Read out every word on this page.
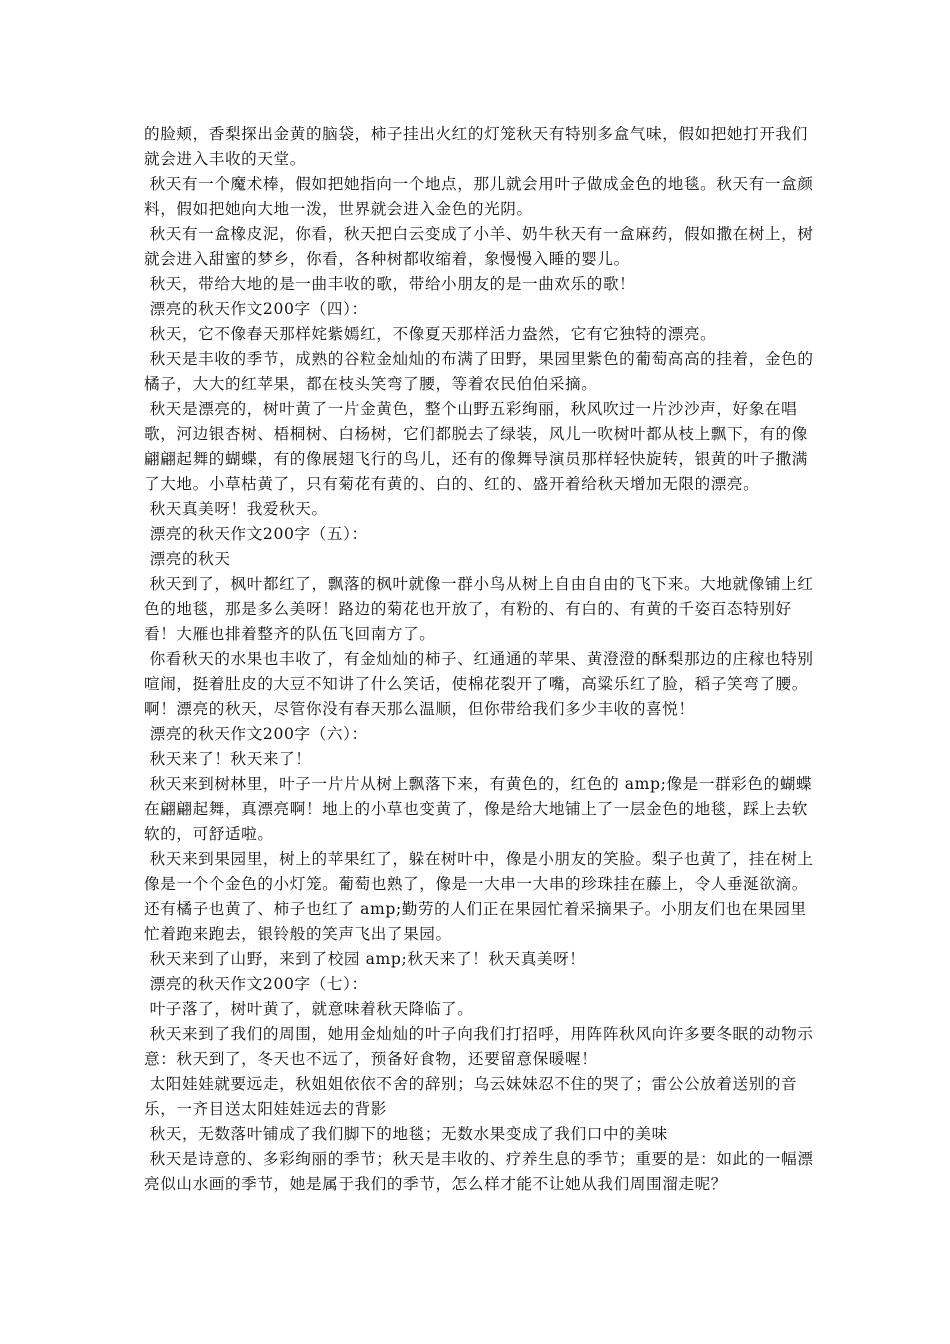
的脸颊，香梨探出金黄的脑袋，柿子挂出火红的灯笼秋天有特别多盒气味，假如把她打开我们就会进入丰收的天堂。

秋天有一个魔术棒，假如把她指向一个地点，那儿就会用叶子做成金色的地毯。秋天有一盒颜料，假如把她向大地一泼，世界就会进入金色的光阴。

秋天有一盒橡皮泥，你看，秋天把白云变成了小羊、奶牛秋天有一盒麻药，假如撒在树上，树就会进入甜蜜的梦乡，你看，各种树都收缩着，象慢慢入睡的婴儿。

秋天，带给大地的是一曲丰收的歌，带给小朋友的是一曲欢乐的歌！

漂亮的秋天作文200字（四）：

秋天，它不像春天那样姹紫嫣红，不像夏天那样活力盎然，它有它独特的漂亮。

秋天是丰收的季节，成熟的谷粒金灿灿的布满了田野，果园里紫色的葡萄高高的挂着，金色的橘子，大大的红苹果，都在枝头笑弯了腰，等着农民伯伯采摘。

秋天是漂亮的，树叶黄了一片金黄色，整个山野五彩绚丽，秋风吹过一片沙沙声，好象在唱歌，河边银杏树、梧桐树、白杨树，它们都脱去了绿装，风儿一吹树叶都从枝上飘下，有的像翩翩起舞的蝴蝶，有的像展翅飞行的鸟儿，还有的像舞导演员那样轻快旋转，银黄的叶子撒满了大地。小草枯黄了，只有菊花有黄的、白的、红的、盛开着给秋天增加无限的漂亮。

秋天真美呀！我爱秋天。

漂亮的秋天作文200字（五）：

漂亮的秋天

秋天到了，枫叶都红了，飘落的枫叶就像一群小鸟从树上自由自由的飞下来。大地就像铺上红色的地毯，那是多么美呀！路边的菊花也开放了，有粉的、有白的、有黄的千姿百态特别好看！大雁也排着整齐的队伍飞回南方了。

你看秋天的水果也丰收了，有金灿灿的柿子、红通通的苹果、黄澄澄的酥梨那边的庄稼也特别喧闹，挺着肚皮的大豆不知讲了什么笑话，使棉花裂开了嘴，高粱乐红了脸，稻子笑弯了腰。啊！漂亮的秋天，尽管你没有春天那么温顺，但你带给我们多少丰收的喜悦！

漂亮的秋天作文200字（六）：

秋天来了！秋天来了！

秋天来到树林里，叶子一片片从树上飘落下来，有黄色的，红色的 amp;像是一群彩色的蝴蝶在翩翩起舞，真漂亮啊！地上的小草也变黄了，像是给大地铺上了一层金色的地毯，踩上去软软的，可舒适啦。

秋天来到果园里，树上的苹果红了，躲在树叶中，像是小朋友的笑脸。梨子也黄了，挂在树上像是一个个金色的小灯笼。葡萄也熟了，像是一大串一大串的珍珠挂在藤上，令人垂涎欲滴。还有橘子也黄了、柿子也红了 amp;勤劳的人们正在果园忙着采摘果子。小朋友们也在果园里忙着跑来跑去，银铃般的笑声飞出了果园。

秋天来到了山野，来到了校园 amp;秋天来了！秋天真美呀！

漂亮的秋天作文200字（七）：

叶子落了，树叶黄了，就意味着秋天降临了。

秋天来到了我们的周围，她用金灿灿的叶子向我们打招呼，用阵阵秋风向许多要冬眠的动物示意：秋天到了，冬天也不远了，预备好食物，还要留意保暖喔！

太阳娃娃就要远走，秋姐姐依依不舍的辞别；乌云妹妹忍不住的哭了；雷公公放着送别的音乐，一齐目送太阳娃娃远去的背影

秋天，无数落叶铺成了我们脚下的地毯；无数水果变成了我们口中的美味

秋天是诗意的、多彩绚丽的季节；秋天是丰收的、疗养生息的季节；重要的是：如此的一幅漂亮似山水画的季节，她是属于我们的季节，怎么样才能不让她从我们周围溜走呢？
